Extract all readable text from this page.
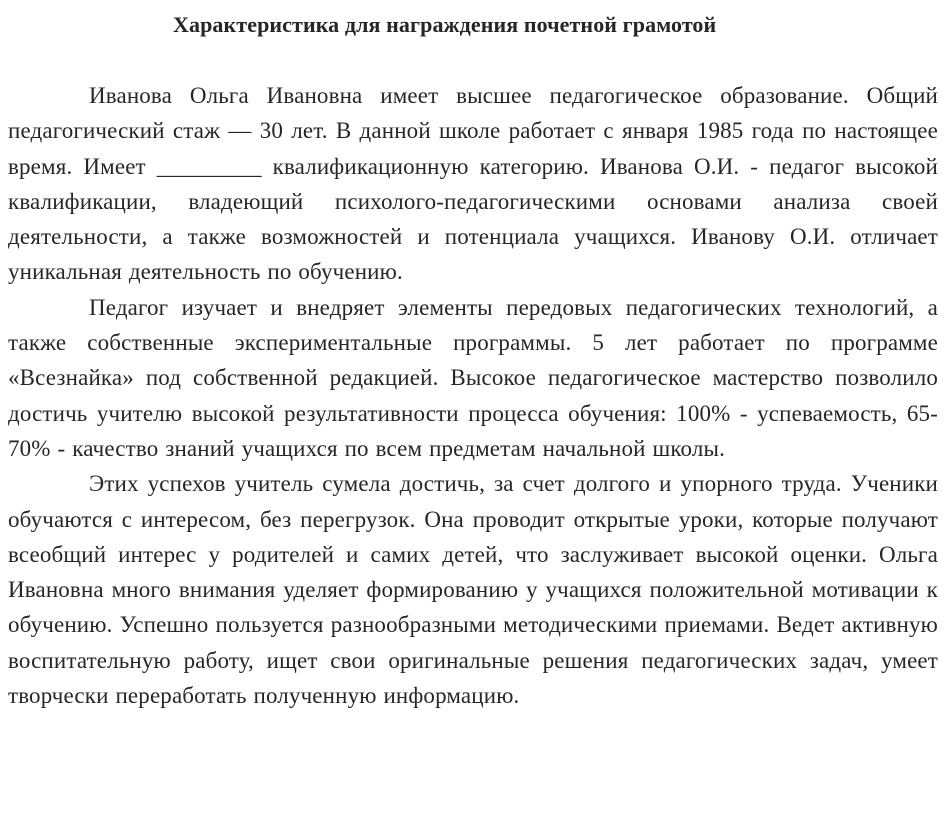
Характеристика для награждения почетной грамотой

Иванова Ольга Ивановна имеет высшее педагогическое образование. Общий педагогический стаж — 30 лет. В данной школе работает с января 1985 года по настоящее время. Имеет _________ квалификационную категорию. Иванова О.И. - педагог высокой квалификации, владеющий психолого-педагогическими основами анализа своей деятельности, а также возможностей и потенциала учащихся. Иванову О.И. отличает уникальная деятельность по обучению.

Педагог изучает и внедряет элементы передовых педагогических технологий, а также собственные экспериментальные программы. 5 лет работает по программе «Всезнайка» под собственной редакцией. Высокое педагогическое мастерство позволило достичь учителю высокой результативности процесса обучения: 100% - успеваемость, 65-70% - качество знаний учащихся по всем предметам начальной школы.

Этих успехов учитель сумела достичь, за счет долгого и упорного труда. Ученики обучаются с интересом, без перегрузок. Она проводит открытые уроки, которые получают всеобщий интерес у родителей и самих детей, что заслуживает высокой оценки. Ольга Ивановна много внимания уделяет формированию у учащихся положительной мотивации к обучению. Успешно пользуется разнообразными методическими приемами. Ведет активную воспитательную работу, ищет свои оригинальные решения педагогических задач, умеет творчески переработать полученную информацию.
